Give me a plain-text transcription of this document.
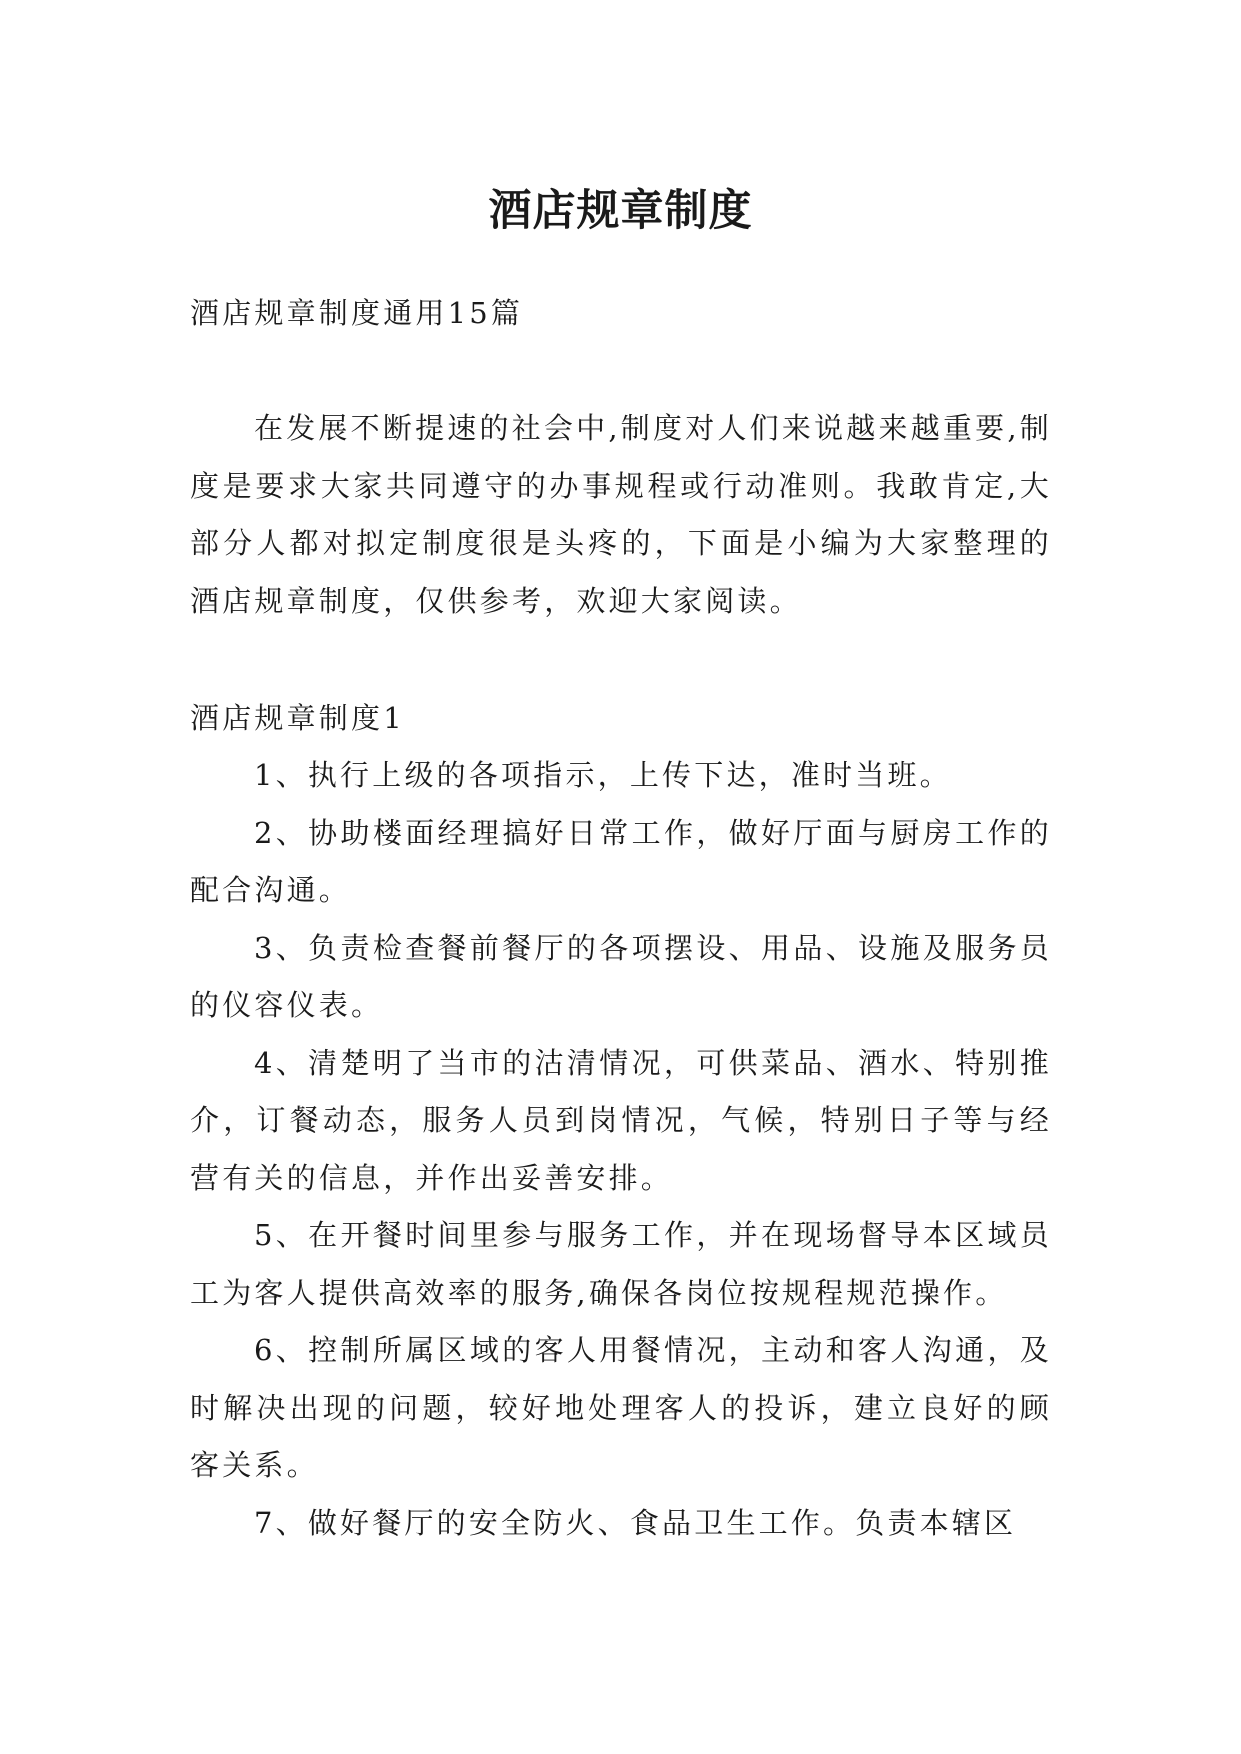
酒店规章制度

酒店规章制度通用15篇

在发展不断提速的社会中,制度对人们来说越来越重要,制度是要求大家共同遵守的办事规程或行动准则。我敢肯定,大部分人都对拟定制度很是头疼的，下面是小编为大家整理的酒店规章制度，仅供参考，欢迎大家阅读。

酒店规章制度1

1、执行上级的各项指示，上传下达，准时当班。
2、协助楼面经理搞好日常工作，做好厅面与厨房工作的配合沟通。
3、负责检查餐前餐厅的各项摆设、用品、设施及服务员的仪容仪表。
4、清楚明了当市的沽清情况，可供菜品、酒水、特别推介，订餐动态，服务人员到岗情况，气候，特别日子等与经营有关的信息，并作出妥善安排。
5、在开餐时间里参与服务工作，并在现场督导本区域员工为客人提供高效率的服务,确保各岗位按规程规范操作。
6、控制所属区域的客人用餐情况，主动和客人沟通，及时解决出现的问题，较好地处理客人的投诉，建立良好的顾客关系。
7、做好餐厅的安全防火、食品卫生工作。负责本辖区
